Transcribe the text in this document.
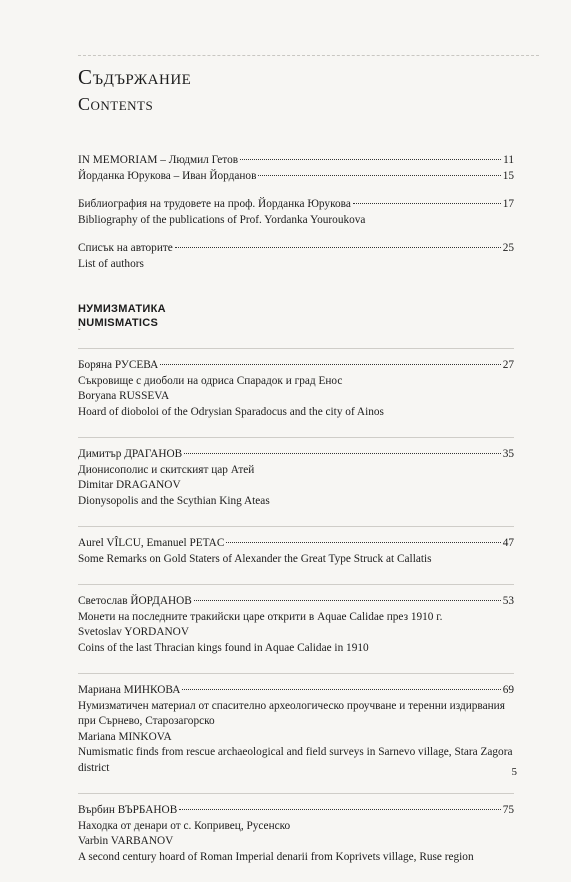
Съдържание
Contents
IN MEMORIAM – Людмил Гетов	11
Йорданка Юрукова – Иван Йорданов	15
Библиография на трудовете на проф. Йорданка Юрукова	17
Bibliography of the publications of Prof. Yordanka Youroukova
Списък на авторите	25
List of authors
НУМИЗМАТИКА
NUMISMATICS
ˇ
Боряна РУСЕВА	27
Съкровище с диоболи на одриса Спарадок и град Енос
Boryana RUSSEVA
Hoard of dioboloi of the Odrysian Sparadocus and the city of Ainos
Димитър ДРАГАНОВ	35
Дионисополис и скитският цар Атей
Dimitar DRAGANOV
Dionysopolis and the Scythian King Ateas
Aurel VÎLCU, Emanuel PETAC	47
Some Remarks on Gold Staters of Alexander the Great Type Struck at Callatis
Светослав ЙОРДАНОВ	53
Монети на последните тракийски царе открити в Aquae Calidae през 1910 г.
Svetoslav YORDANOV
Coins of the last Thracian kings found in Aquae Calidae in 1910
Мариана МИНКОВА	69
Нумизматичен материал от спасително археологическо проучване и теренни издирвания
при Сърнево, Старозагорско
Mariana MINKOVA
Numismatic finds from rescue archaeological and field surveys in Sarnevo village, Stara Zagora
district
Върбин ВЪРБАНОВ	75
Находка от денари от с. Копривец, Русенско
Varbin VARBANOV
A second century hoard of Roman Imperial denarii from Koprivets village, Ruse region
5
